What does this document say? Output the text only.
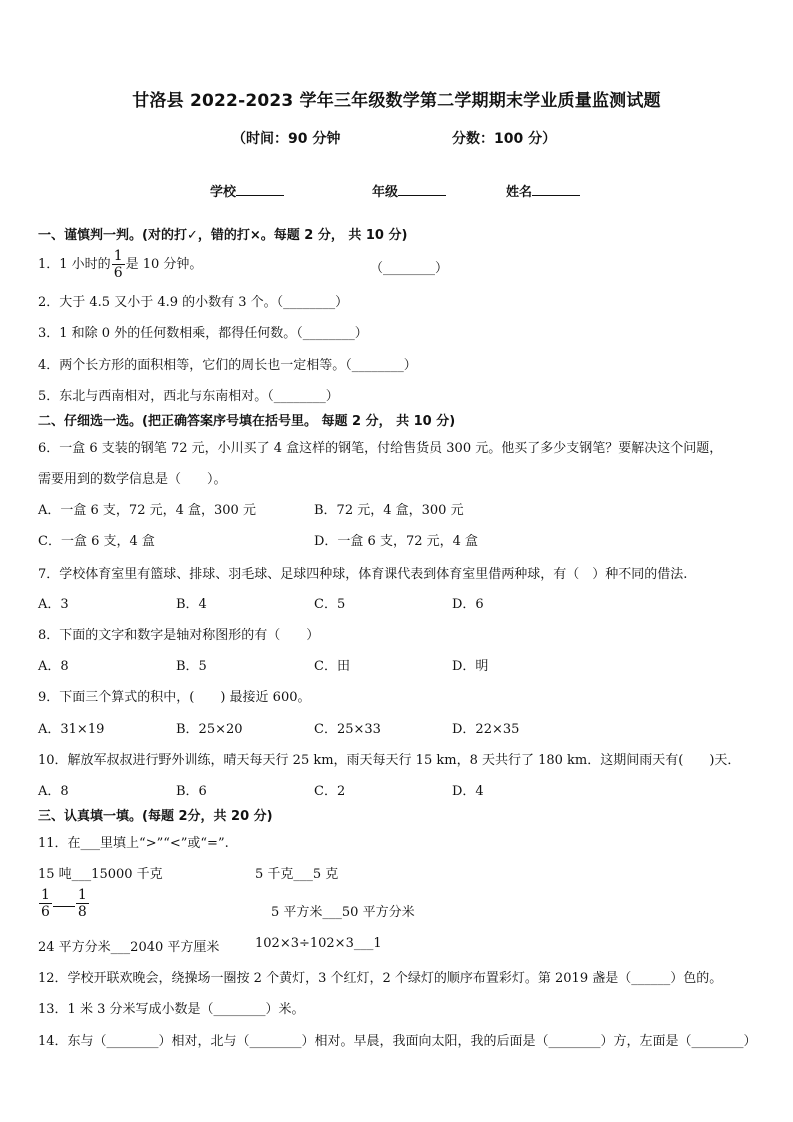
甘洛县 2022-2023 学年三年级数学第二学期期末学业质量监测试题
（时间：90 分钟	分数：100 分）
学校	年级	姓名
一、谨慎判一判。(对的打✓，错的打×。每题 2 分， 共 10 分)
1．1 小时的 $\frac{1}{6}$ 是 10 分钟。	（________）
2．大于 4.5 又小于 4.9 的小数有 3 个。（________）
3．1 和除 0 外的任何数相乘，都得任何数。（________）
4．两个长方形的面积相等，它们的周长也一定相等。（________）
5．东北与西南相对，西北与东南相对。（________）
二、仔细选一选。(把正确答案序号填在括号里。 每题 2 分， 共 10 分)
6．一盒 6 支装的钢笔 72 元，小川买了 4 盒这样的钢笔，付给售货员 300 元。他买了多少支钢笔？要解决这个问题，
需要用到的数学信息是（　　）。
A．一盒 6 支，72 元，4 盒，300 元	B．72 元，4 盒，300 元
C．一盒 6 支，4 盒	D．一盒 6 支，72 元，4 盒
7．学校体育室里有篮球、排球、羽毛球、足球四种球，体育课代表到体育室里借两种球，有（　）种不同的借法.
A．3	B．4	C．5	D．6
8．下面的文字和数字是轴对称图形的有（　　）
A．8	B．5	C．田	D．明
9．下面三个算式的积中，(　　) 最接近 600。
A．31×19	B．25×20	C．25×33	D．22×35
10．解放军叔叔进行野外训练，晴天每天行 25 km，雨天每天行 15 km，8 天共行了 180 km．这期间雨天有(　　)天．
A．8	B．6	C．2	D．4
三、认真填一填。(每题 2分，共 20 分)
11．在___里填上“>”“<”或“=”.
15 吨___15000 千克	5 千克___5 克
$\frac{1}{6} \frac{1}{8}$	5 平方米___50 平方分米
24 平方分米___2040 平方厘米	102×3÷102×3___1
12．学校开联欢晚会，绕操场一圈按 2 个黄灯，3 个红灯，2 个绿灯的顺序布置彩灯。第 2019 盏是（______）色的。
13．1 米 3 分米写成小数是（________）米。
14．东与（________）相对，北与（________）相对。早晨，我面向太阳，我的后面是（________）方，左面是（________）
